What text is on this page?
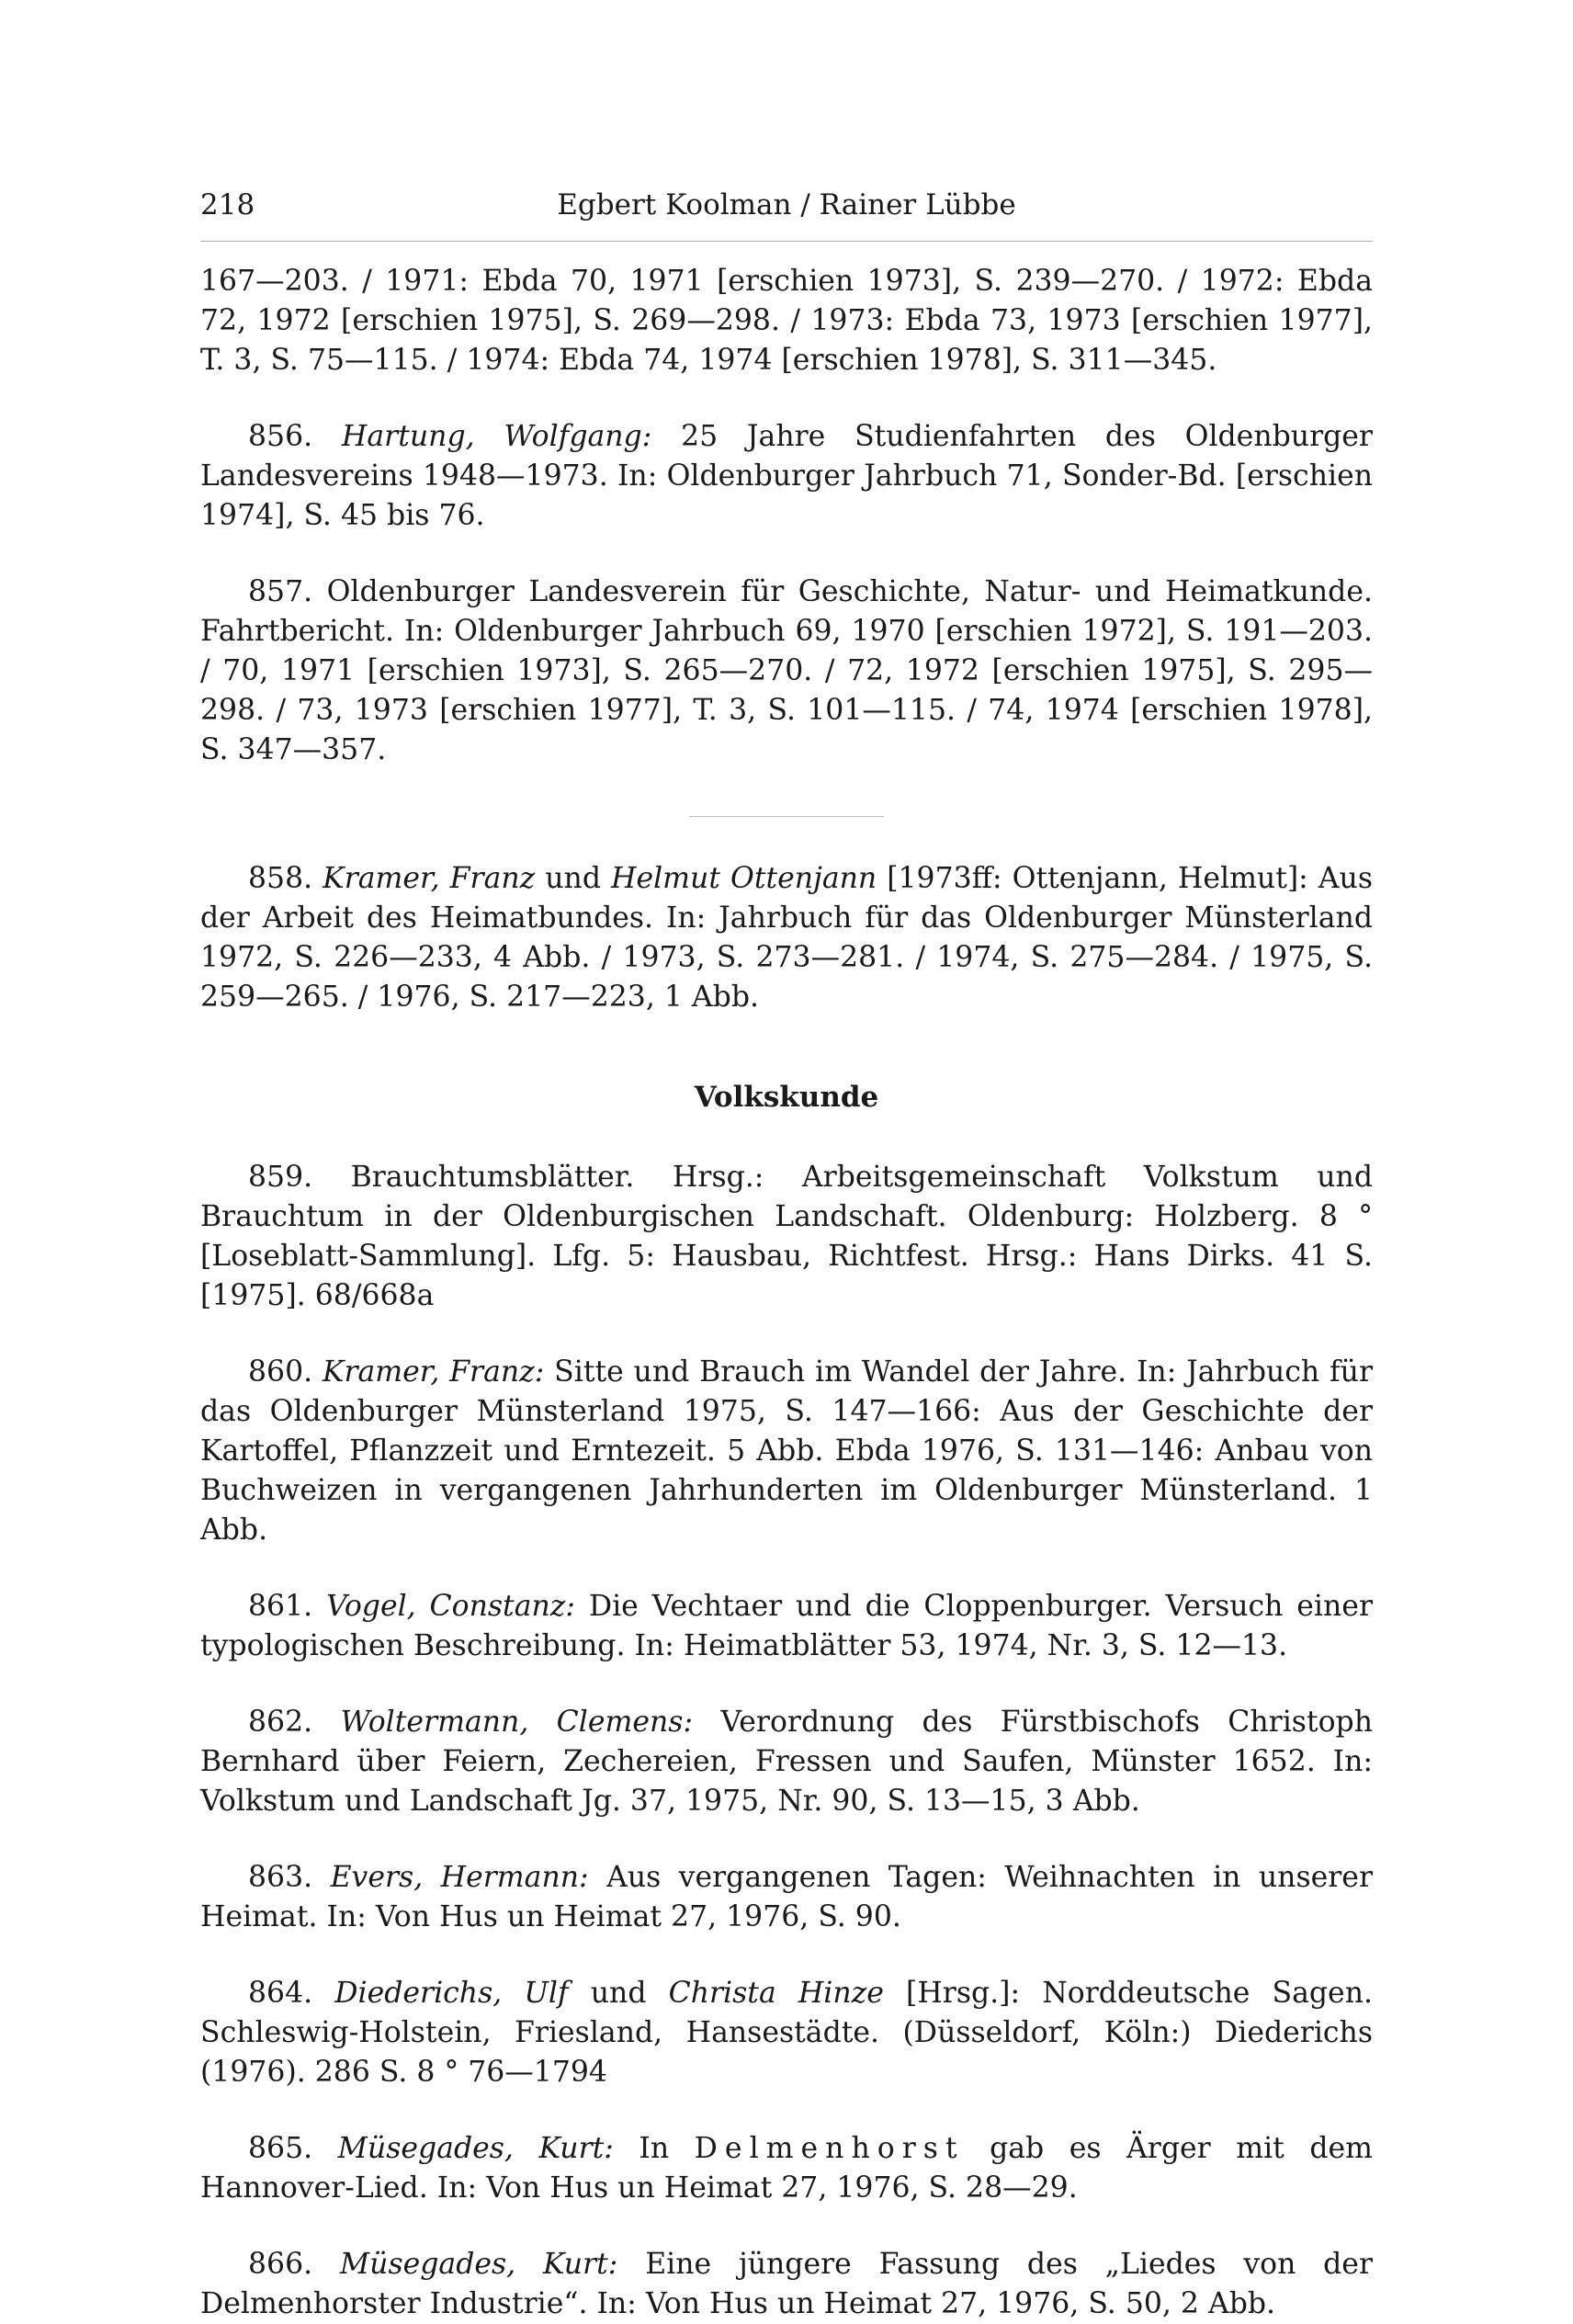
218	Egbert Koolman / Rainer Lübbe

167—203. / 1971: Ebda 70, 1971 [erschien 1973], S. 239—270. / 1972: Ebda 72, 1972 [erschien 1975], S. 269—298. / 1973: Ebda 73, 1973 [erschien 1977], T. 3, S. 75—115. / 1974: Ebda 74, 1974 [erschien 1978], S. 311—345.

856. Hartung, Wolfgang: 25 Jahre Studienfahrten des Oldenburger Landesvereins 1948—1973. In: Oldenburger Jahrbuch 71, Sonder-Bd. [erschien 1974], S. 45 bis 76.

857. Oldenburger Landesverein für Geschichte, Natur- und Heimatkunde. Fahrtbericht. In: Oldenburger Jahrbuch 69, 1970 [erschien 1972], S. 191—203. / 70, 1971 [erschien 1973], S. 265—270. / 72, 1972 [erschien 1975], S. 295—298. / 73, 1973 [erschien 1977], T. 3, S. 101—115. / 74, 1974 [erschien 1978], S. 347—357.

858. Kramer, Franz und Helmut Ottenjann [1973ff: Ottenjann, Helmut]: Aus der Arbeit des Heimatbundes. In: Jahrbuch für das Oldenburger Münsterland 1972, S. 226—233, 4 Abb. / 1973, S. 273—281. / 1974, S. 275—284. / 1975, S. 259—265. / 1976, S. 217—223, 1 Abb.

Volkskunde

859. Brauchtumsblätter. Hrsg.: Arbeitsgemeinschaft Volkstum und Brauchtum in der Oldenburgischen Landschaft. Oldenburg: Holzberg. 8 ° [Loseblatt-Sammlung]. Lfg. 5: Hausbau, Richtfest. Hrsg.: Hans Dirks. 41 S. [1975]. 68/668a

860. Kramer, Franz: Sitte und Brauch im Wandel der Jahre. In: Jahrbuch für das Oldenburger Münsterland 1975, S. 147—166: Aus der Geschichte der Kartoffel, Pflanzzeit und Erntezeit. 5 Abb. Ebda 1976, S. 131—146: Anbau von Buchweizen in vergangenen Jahrhunderten im Oldenburger Münsterland. 1 Abb.

861. Vogel, Constanz: Die Vechtaer und die Cloppenburger. Versuch einer typologischen Beschreibung. In: Heimatblätter 53, 1974, Nr. 3, S. 12—13.

862. Woltermann, Clemens: Verordnung des Fürstbischofs Christoph Bernhard über Feiern, Zechereien, Fressen und Saufen, Münster 1652. In: Volkstum und Landschaft Jg. 37, 1975, Nr. 90, S. 13—15, 3 Abb.

863. Evers, Hermann: Aus vergangenen Tagen: Weihnachten in unserer Heimat. In: Von Hus un Heimat 27, 1976, S. 90.

864. Diederichs, Ulf und Christa Hinze [Hrsg.]: Norddeutsche Sagen. Schleswig-Holstein, Friesland, Hansestädte. (Düsseldorf, Köln:) Diederichs (1976). 286 S. 8 ° 76—1794

865. Müsegades, Kurt: In Delmenhorst gab es Ärger mit dem Hannover-Lied. In: Von Hus un Heimat 27, 1976, S. 28—29.

866. Müsegades, Kurt: Eine jüngere Fassung des „Liedes von der Delmenhorster Industrie“. In: Von Hus un Heimat 27, 1976, S. 50, 2 Abb.
